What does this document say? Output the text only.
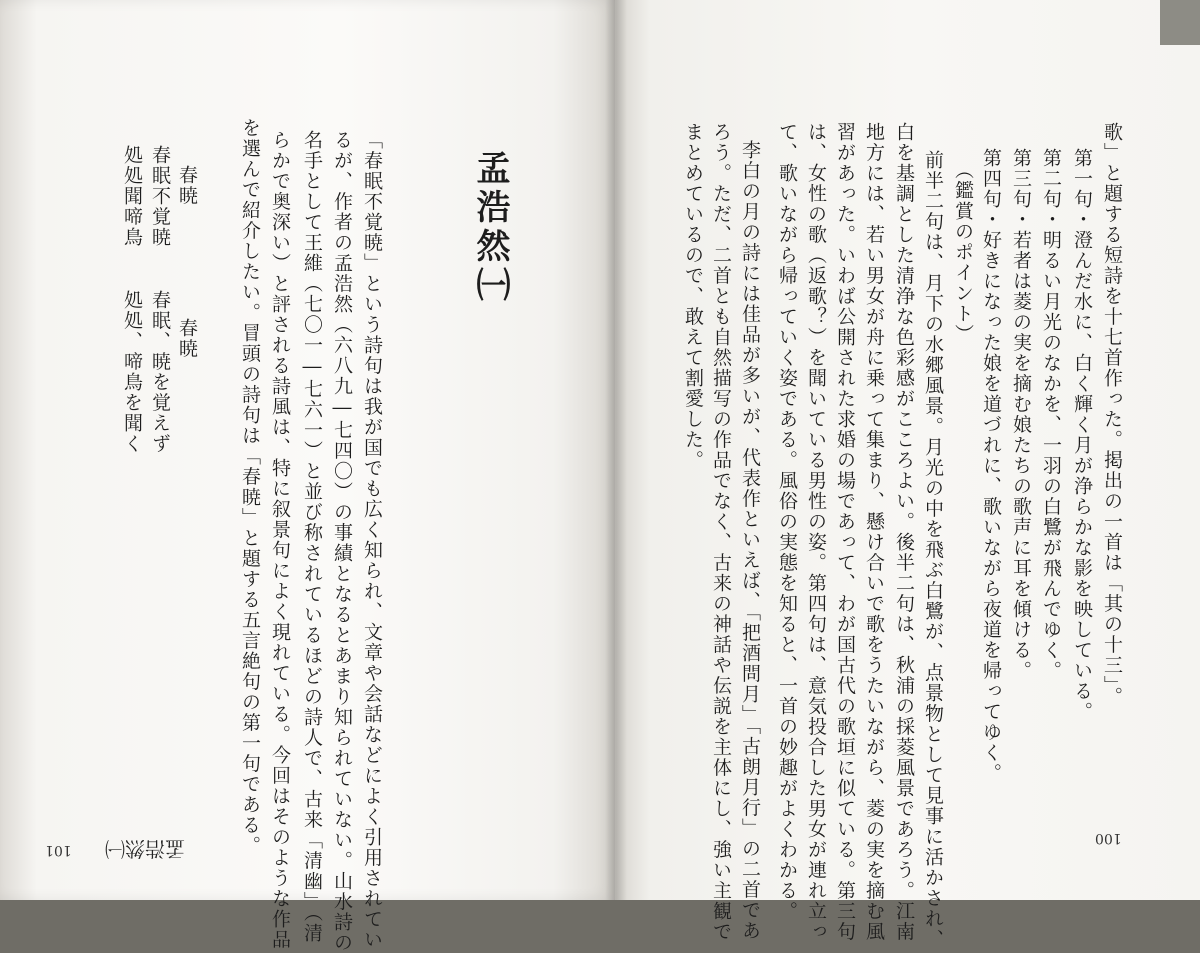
歌」と題する短詩を十七首作った。掲出の一首は「其の十三」。
第一句・澄んだ水に、白く輝く月が浄らかな影を映している。
第二句・明るい月光のなかを、一羽の白鷺が飛んでゆく。
第三句・若者は菱の実を摘む娘たちの歌声に耳を傾ける。
第四句・好きになった娘を道づれに、歌いながら夜道を帰ってゆく。
（鑑賞のポイント）
前半二句は、月下の水郷風景。月光の中を飛ぶ白鷺が、点景物として見事に活かされ、
白を基調とした清浄な色彩感がこころよい。後半二句は、秋浦の採菱風景であろう。江南
地方には、若い男女が舟に乗って集まり、懸け合いで歌をうたいながら、菱の実を摘む風
習があった。いわば公開された求婚の場であって、わが国古代の歌垣に似ている。第三句
は、女性の歌（返歌？）を聞いている男性の姿。第四句は、意気投合した男女が連れ立っ
て、歌いながら帰っていく姿である。風俗の実態を知ると、一首の妙趣がよくわかる。
李白の月の詩には佳品が多いが、代表作といえば、「把酒問月」「古朗月行」の二首であ
ろう。ただ、二首とも自然描写の作品でなく、古来の神話や伝説を主体にし、強い主観で
まとめているので、敢えて割愛した。
100
孟浩然㈠
「春眠不覚暁」という詩句は我が国でも広く知られ、文章や会話などによく引用されてい
るが、作者の孟浩然（六八九―七四〇）の事績となるとあまり知られていない。山水詩の
名手として王維（七〇一―七六一）と並び称されているほどの詩人で、古来「清幽」（清
らかで奥深い）と評される詩風は、特に叙景句によく現れている。今回はそのような作品
を選んで紹介したい。冒頭の詩句は「春暁」と題する五言絶句の第一句である。
春暁
春眠不覚暁
処処聞啼鳥
春暁
春眠、暁を覚えず
処処、啼鳥を聞く
101 孟浩然㈠
